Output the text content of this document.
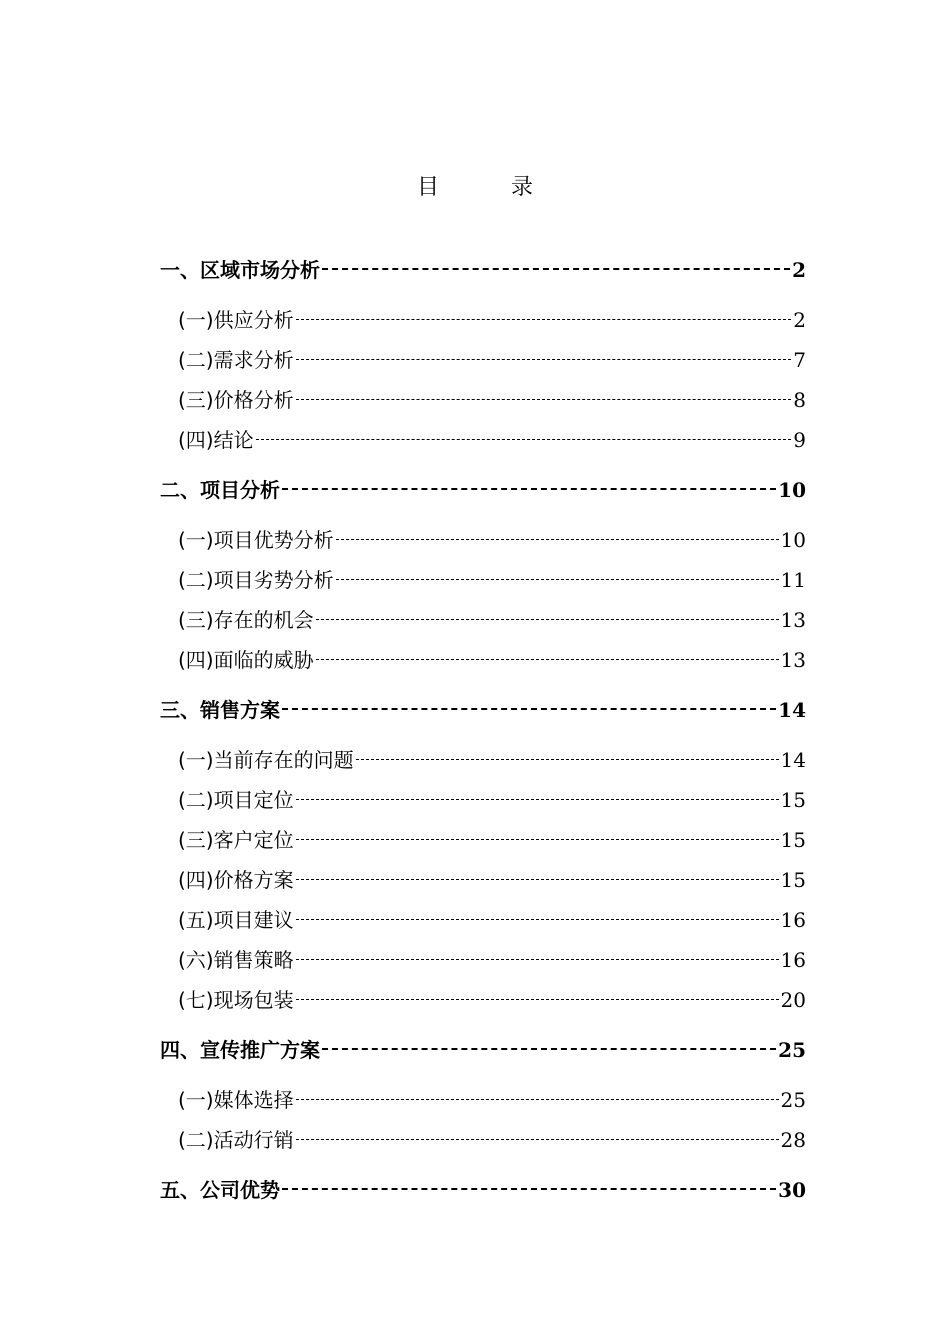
目	录
一、区域市场分析	2
(一)供应分析	2
(二)需求分析	7
(三)价格分析	8
(四)结论	9
二、项目分析	10
(一)项目优势分析	10
(二)项目劣势分析	11
(三)存在的机会	13
(四)面临的威胁	13
三、销售方案	14
(一)当前存在的问题	14
(二)项目定位	15
(三)客户定位	15
(四)价格方案	15
(五)项目建议	16
(六)销售策略	16
(七)现场包装	20
四、宣传推广方案	25
(一)媒体选择	25
(二)活动行销	28
五、公司优势	30
